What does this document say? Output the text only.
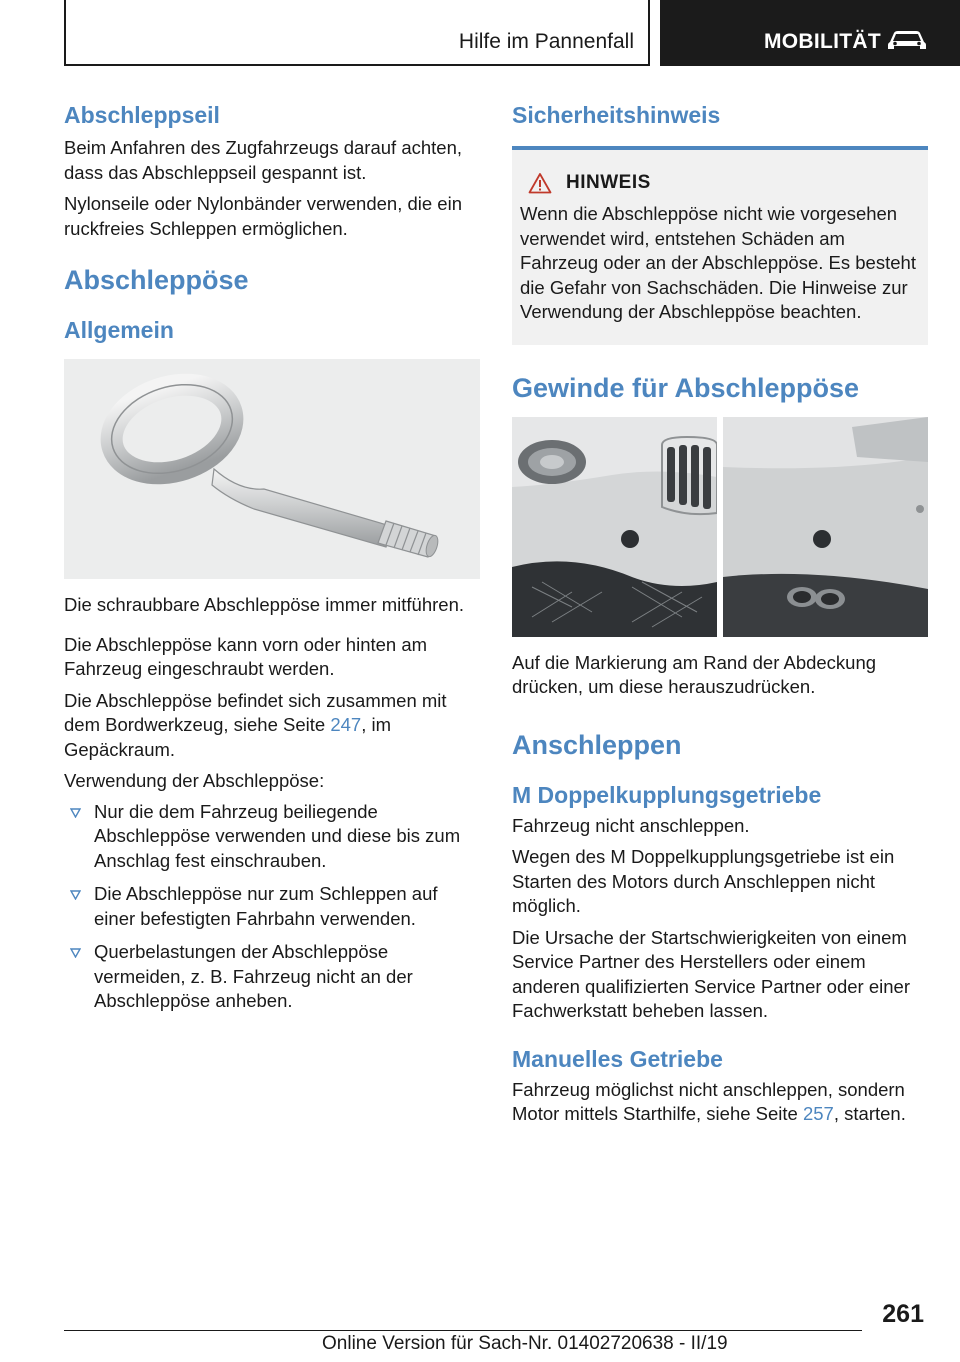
Hilfe im Pannenfall	MOBILITÄT
Abschleppseil
Beim Anfahren des Zugfahrzeugs darauf achten, dass das Abschleppseil gespannt ist.
Nylonseile oder Nylonbänder verwenden, die ein ruckfreies Schleppen ermöglichen.
Abschleppöse
Allgemein
Die schraubbare Abschleppöse immer mitführen.
Die Abschleppöse kann vorn oder hinten am Fahrzeug eingeschraubt werden.
Die Abschleppöse befindet sich zusammen mit dem Bordwerkzeug, siehe Seite 247, im Gepäckraum.
Verwendung der Abschleppöse:
Nur die dem Fahrzeug beiliegende Abschleppöse verwenden und diese bis zum Anschlag fest einschrauben.
Die Abschleppöse nur zum Schleppen auf einer befestigten Fahrbahn verwenden.
Querbelastungen der Abschleppöse vermeiden, z. B. Fahrzeug nicht an der Abschleppöse anheben.
Sicherheitshinweis
HINWEIS
Wenn die Abschleppöse nicht wie vorgesehen verwendet wird, entstehen Schäden am Fahrzeug oder an der Abschleppöse. Es besteht die Gefahr von Sachschäden. Die Hinweise zur Verwendung der Abschleppöse beachten.
Gewinde für Abschleppöse
Auf die Markierung am Rand der Abdeckung drücken, um diese herauszudrücken.
Anschleppen
M Doppelkupplungsgetriebe
Fahrzeug nicht anschleppen.
Wegen des M Doppelkupplungsgetriebe ist ein Starten des Motors durch Anschleppen nicht möglich.
Die Ursache der Startschwierigkeiten von einem Service Partner des Herstellers oder einem anderen qualifizierten Service Partner oder einer Fachwerkstatt beheben lassen.
Manuelles Getriebe
Fahrzeug möglichst nicht anschleppen, sondern Motor mittels Starthilfe, siehe Seite 257, starten.
261
Online Version für Sach-Nr. 01402720638 - II/19
